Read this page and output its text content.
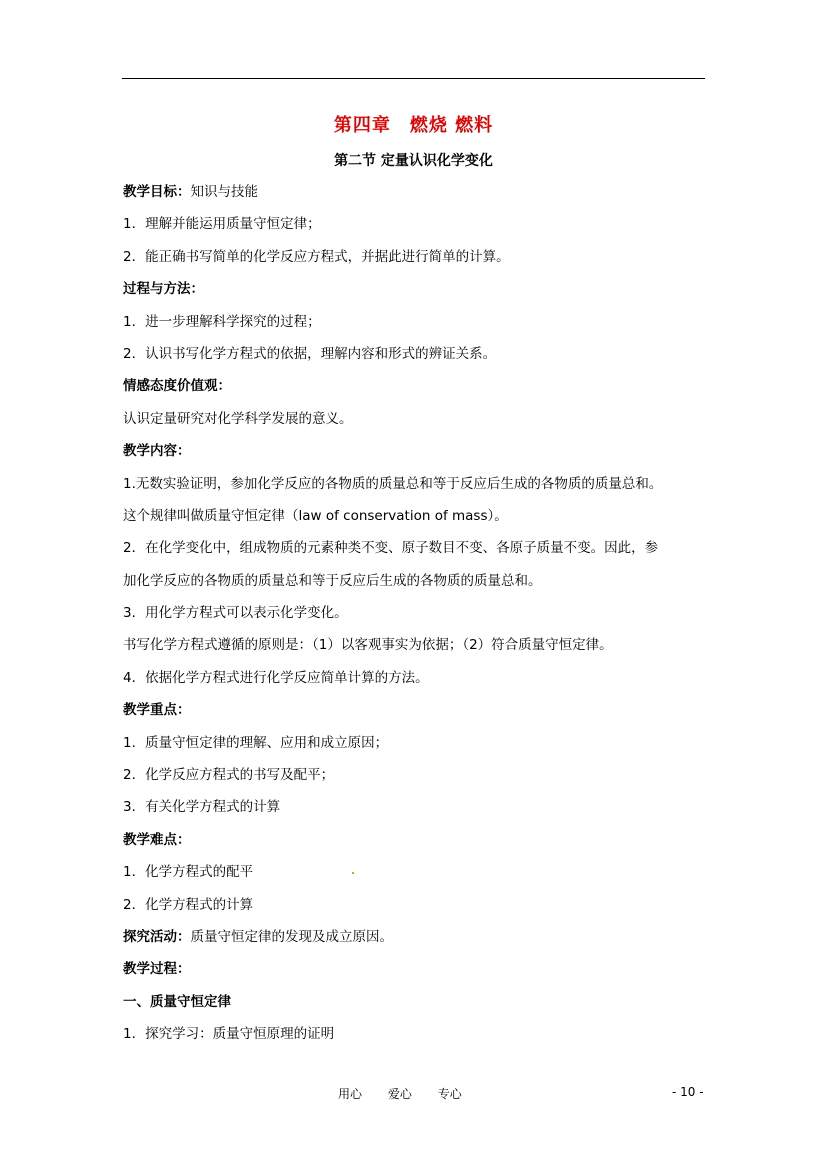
第四章　燃烧 燃料
第二节 定量认识化学变化
教学目标：知识与技能
1．理解并能运用质量守恒定律；
2．能正确书写简单的化学反应方程式，并据此进行简单的计算。
过程与方法：
1．进一步理解科学探究的过程；
2．认识书写化学方程式的依据，理解内容和形式的辨证关系。
情感态度价值观：
认识定量研究对化学科学发展的意义。
教学内容：
1.无数实验证明，参加化学反应的各物质的质量总和等于反应后生成的各物质的质量总和。
这个规律叫做质量守恒定律（law of conservation of mass）。
2．在化学变化中，组成物质的元素种类不变、原子数目不变、各原子质量不变。因此，参
加化学反应的各物质的质量总和等于反应后生成的各物质的质量总和。
3．用化学方程式可以表示化学变化。
书写化学方程式遵循的原则是：（1）以客观事实为依据；（2）符合质量守恒定律。
4．依据化学方程式进行化学反应简单计算的方法。
教学重点：
1．质量守恒定律的理解、应用和成立原因；
2．化学反应方程式的书写及配平；
3．有关化学方程式的计算
教学难点：
1．化学方程式的配平
2．化学方程式的计算
探究活动：质量守恒定律的发现及成立原因。
教学过程：
一、质量守恒定律
1．探究学习：质量守恒原理的证明
用心 爱心 专心	- 10 -
